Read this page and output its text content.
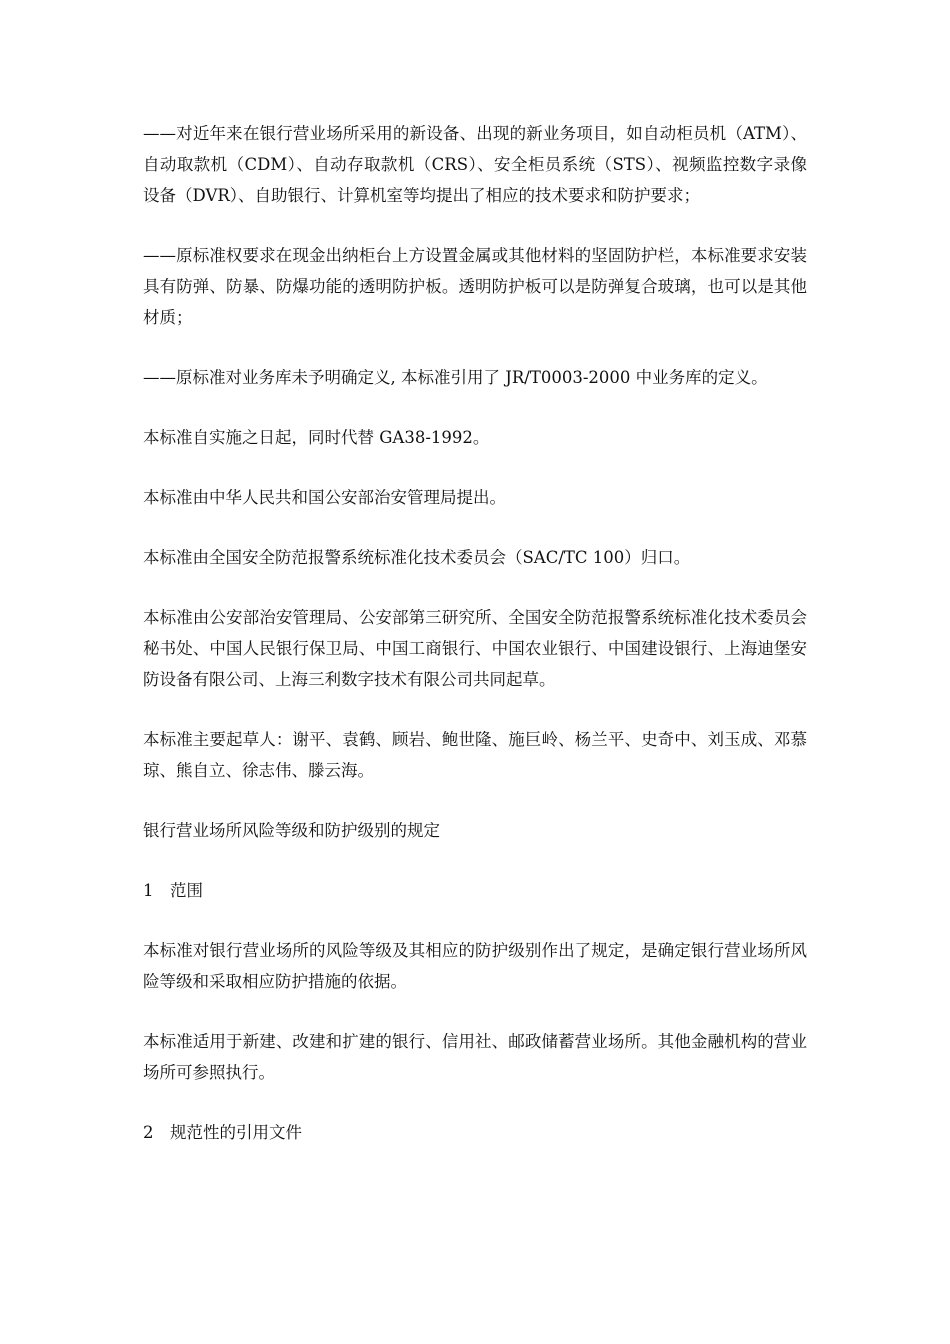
——对近年来在银行营业场所采用的新设备、出现的新业务项目，如自动柜员机（ATM）、自动取款机（CDM）、自动存取款机（CRS）、安全柜员系统（STS）、视频监控数字录像设备（DVR）、自助银行、计算机室等均提出了相应的技术要求和防护要求；

——原标准权要求在现金出纳柜台上方设置金属或其他材料的坚固防护栏，本标准要求安装具有防弹、防暴、防爆功能的透明防护板。透明防护板可以是防弹复合玻璃，也可以是其他材质；

——原标准对业务库未予明确定义, 本标准引用了 JR/T0003-2000 中业务库的定义。

本标准自实施之日起，同时代替 GA38-1992。

本标准由中华人民共和国公安部治安管理局提出。

本标准由全国安全防范报警系统标准化技术委员会（SAC/TC 100）归口。

本标准由公安部治安管理局、公安部第三研究所、全国安全防范报警系统标准化技术委员会秘书处、中国人民银行保卫局、中国工商银行、中国农业银行、中国建设银行、上海迪堡安防设备有限公司、上海三利数字技术有限公司共同起草。

本标准主要起草人：谢平、袁鹤、顾岩、鲍世隆、施巨岭、杨兰平、史奇中、刘玉成、邓慕琼、熊自立、徐志伟、滕云海。

银行营业场所风险等级和防护级别的规定

1　范围

本标准对银行营业场所的风险等级及其相应的防护级别作出了规定，是确定银行营业场所风险等级和采取相应防护措施的依据。

本标准适用于新建、改建和扩建的银行、信用社、邮政储蓄营业场所。其他金融机构的营业场所可参照执行。

2　规范性的引用文件
